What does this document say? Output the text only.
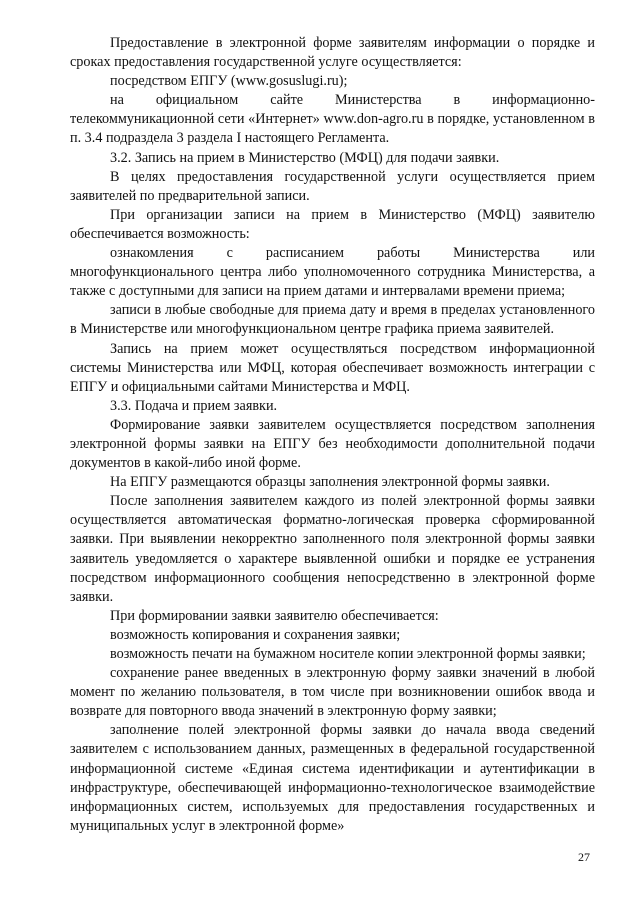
Предоставление в электронной форме заявителям информации о порядке и сроках предоставления государственной услуге осуществляется:

посредством ЕПГУ (www.gosuslugi.ru);

на официальном сайте Министерства в информационно-телекоммуникационной сети «Интернет» www.don-agro.ru в порядке, установленном в п. 3.4 подраздела 3 раздела I настоящего Регламента.

3.2. Запись на прием в Министерство (МФЦ) для подачи заявки.

В целях предоставления государственной услуги осуществляется прием заявителей по предварительной записи.

При организации записи на прием в Министерство (МФЦ) заявителю обеспечивается возможность:

ознакомления с расписанием работы Министерства или многофункционального центра либо уполномоченного сотрудника Министерства, а также с доступными для записи на прием датами и интервалами времени приема;

записи в любые свободные для приема дату и время в пределах установленного в Министерстве или многофункциональном центре графика приема заявителей.

Запись на прием может осуществляться посредством информационной системы Министерства или МФЦ, которая обеспечивает возможность интеграции с ЕПГУ и официальными сайтами Министерства и МФЦ.

3.3. Подача и прием заявки.

Формирование заявки заявителем осуществляется посредством заполнения электронной формы заявки на ЕПГУ без необходимости дополнительной подачи документов в какой-либо иной форме.

На ЕПГУ размещаются образцы заполнения электронной формы заявки.

После заполнения заявителем каждого из полей электронной формы заявки осуществляется автоматическая форматно-логическая проверка сформированной заявки. При выявлении некорректно заполненного поля электронной формы заявки заявитель уведомляется о характере выявленной ошибки и порядке ее устранения посредством информационного сообщения непосредственно в электронной форме заявки.

При формировании заявки заявителю обеспечивается:

возможность копирования и сохранения заявки;

возможность печати на бумажном носителе копии электронной формы заявки;

сохранение ранее введенных в электронную форму заявки значений в любой момент по желанию пользователя, в том числе при возникновении ошибок ввода и возврате для повторного ввода значений в электронную форму заявки;

заполнение полей электронной формы заявки до начала ввода сведений заявителем с использованием данных, размещенных в федеральной государственной информационной системе «Единая система идентификации и аутентификации в инфраструктуре, обеспечивающей информационно-технологическое взаимодействие информационных систем, используемых для предоставления государственных и муниципальных услуг в электронной форме»

27
